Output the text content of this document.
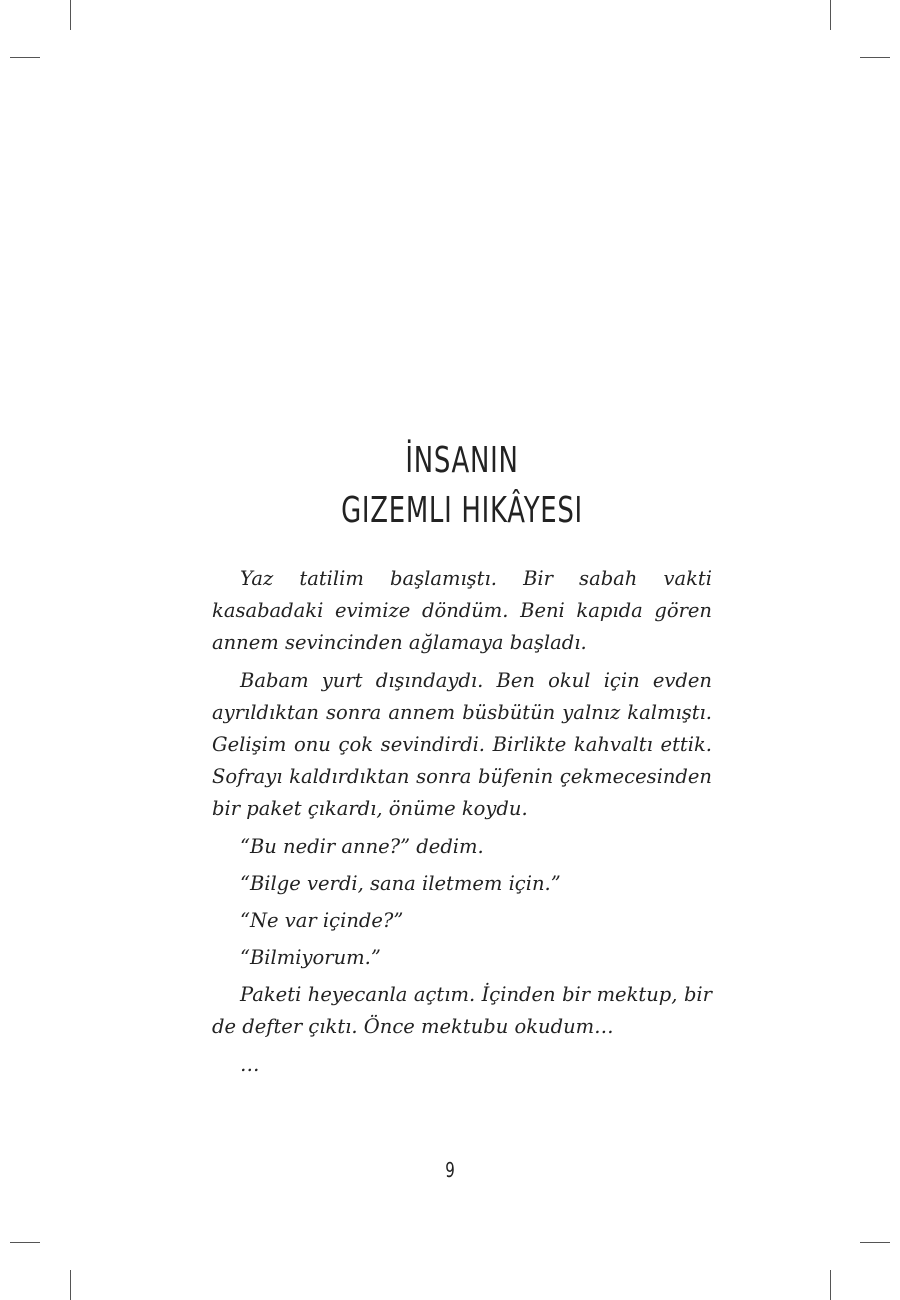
İNSANIN
GIZEMLI HIKÂYESI

Yaz tatilim başlamıştı. Bir sabah vakti kasabadaki evimize döndüm. Beni kapıda gören annem sevincinden ağlamaya başladı.

Babam yurt dışındaydı. Ben okul için evden ayrıldıktan sonra annem büsbütün yalnız kalmıştı. Gelişim onu çok sevindirdi. Birlikte kahvaltı ettik. Sofrayı kaldırdıktan sonra büfenin çekmecesinden bir paket çıkardı, önüme koydu.

“Bu nedir anne?” dedim.

“Bilge verdi, sana iletmem için.”

“Ne var içinde?”

“Bilmiyorum.”

Paketi heyecanla açtım. İçinden bir mektup, bir de defter çıktı. Önce mektubu okudum…

…

9
